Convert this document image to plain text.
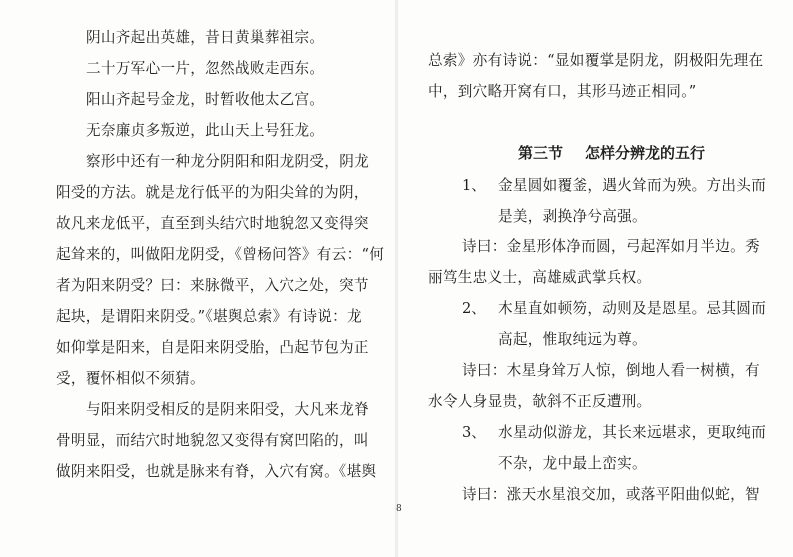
阴山齐起出英雄，昔日黄巢葬祖宗。
二十万军心一片，忽然战败走西东。
阳山齐起号金龙，时暂收他太乙宫。
无奈廉贞多叛逆，此山天上号狂龙。
察形中还有一种龙分阴阳和阳龙阴受，阴龙
阳受的方法。就是龙行低平的为阳尖耸的为阴，
故凡来龙低平，直至到头结穴时地貌忽又变得突
起耸来的，叫做阳龙阴受，《曾杨问答》有云：“何
者为阳来阴受？曰：来脉微平，入穴之处，突节
起块，是谓阳来阴受。”《堪舆总索》有诗说：龙
如仰掌是阳来，自是阳来阴受胎，凸起节包为正
受，覆怀相似不须猜。
与阳来阴受相反的是阴来阳受，大凡来龙脊
骨明显，而结穴时地貌忽又变得有窝凹陷的，叫
做阴来阳受，也就是脉来有脊，入穴有窝。《堪舆
8
总索》亦有诗说：“显如覆掌是阴龙，阴极阳先理在
中，到穴略开窝有口，其形马迹正相同。”
第三节 怎样分辨龙的五行
1、 金星圆如覆釜，遇火耸而为殃。方出头而
是美，剥换净兮高强。
诗曰：金星形体净而圆，弓起浑如月半边。秀
丽笃生忠义士，高雄威武掌兵权。
2、 木星直如顿笏，动则及是恩星。忌其圆而
高起，惟取纯远为尊。
诗曰：木星身耸万人惊，倒地人看一树横，有
水令人身显贵，欹斜不正反遭刑。
3、 水星动似游龙，其长来远堪求，更取纯而
不杂，龙中最上峦实。
诗曰：涨天水星浪交加，或落平阳曲似蛇，智
